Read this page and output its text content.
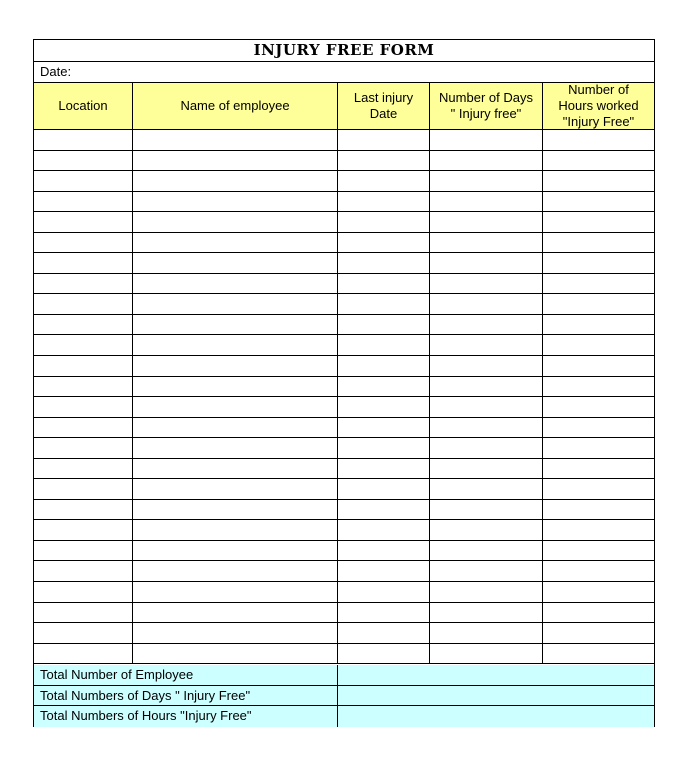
INJURY FREE FORM
Date:
Location	Name of employee
Last injury
Date
Number of Days
" Injury free"
Number of
Hours worked
"Injury Free"
Total Number of Employee
Total Numbers of Days " Injury Free"
Total Numbers of Hours "Injury Free"
